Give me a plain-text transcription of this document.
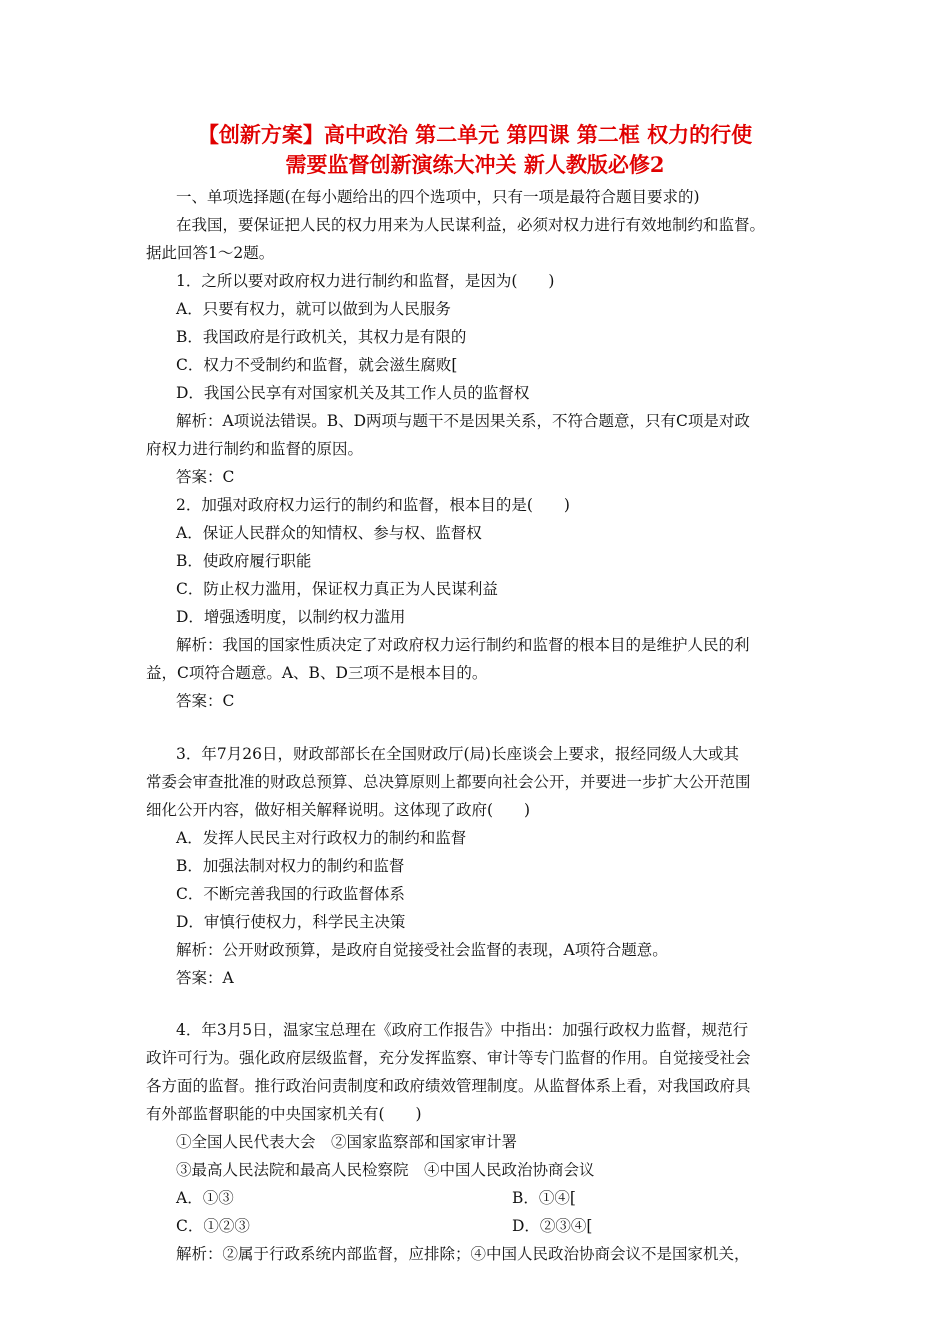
【创新方案】高中政治 第二单元 第四课 第二框 权力的行使
需要监督创新演练大冲关 新人教版必修2
一、单项选择题(在每小题给出的四个选项中，只有一项是最符合题目要求的)
在我国，要保证把人民的权力用来为人民谋利益，必须对权力进行有效地制约和监督。
据此回答1～2题。
1．之所以要对政府权力进行制约和监督，是因为(　　)
A．只要有权力，就可以做到为人民服务
B．我国政府是行政机关，其权力是有限的
C．权力不受制约和监督，就会滋生腐败[
D．我国公民享有对国家机关及其工作人员的监督权
解析：A项说法错误。B、D两项与题干不是因果关系，不符合题意，只有C项是对政
府权力进行制约和监督的原因。
答案：C
2．加强对政府权力运行的制约和监督，根本目的是(　　)
A．保证人民群众的知情权、参与权、监督权
B．使政府履行职能
C．防止权力滥用，保证权力真正为人民谋利益
D．增强透明度，以制约权力滥用
解析：我国的国家性质决定了对政府权力运行制约和监督的根本目的是维护人民的利
益，C项符合题意。A、B、D三项不是根本目的。
答案：C
3．年7月26日，财政部部长在全国财政厅(局)长座谈会上要求，报经同级人大或其
常委会审查批准的财政总预算、总决算原则上都要向社会公开，并要进一步扩大公开范围
细化公开内容，做好相关解释说明。这体现了政府(　　)
A．发挥人民民主对行政权力的制约和监督
B．加强法制对权力的制约和监督
C．不断完善我国的行政监督体系
D．审慎行使权力，科学民主决策
解析：公开财政预算，是政府自觉接受社会监督的表现，A项符合题意。
答案：A
4．年3月5日，温家宝总理在《政府工作报告》中指出：加强行政权力监督，规范行
政许可行为。强化政府层级监督，充分发挥监察、审计等专门监督的作用。自觉接受社会
各方面的监督。推行政治问责制度和政府绩效管理制度。从监督体系上看，对我国政府具
有外部监督职能的中央国家机关有(　　)
①全国人民代表大会　②国家监察部和国家审计署
③最高人民法院和最高人民检察院　④中国人民政治协商会议
A．①③	B．①④[
C．①②③	D．②③④[
解析：②属于行政系统内部监督，应排除；④中国人民政治协商会议不是国家机关，
